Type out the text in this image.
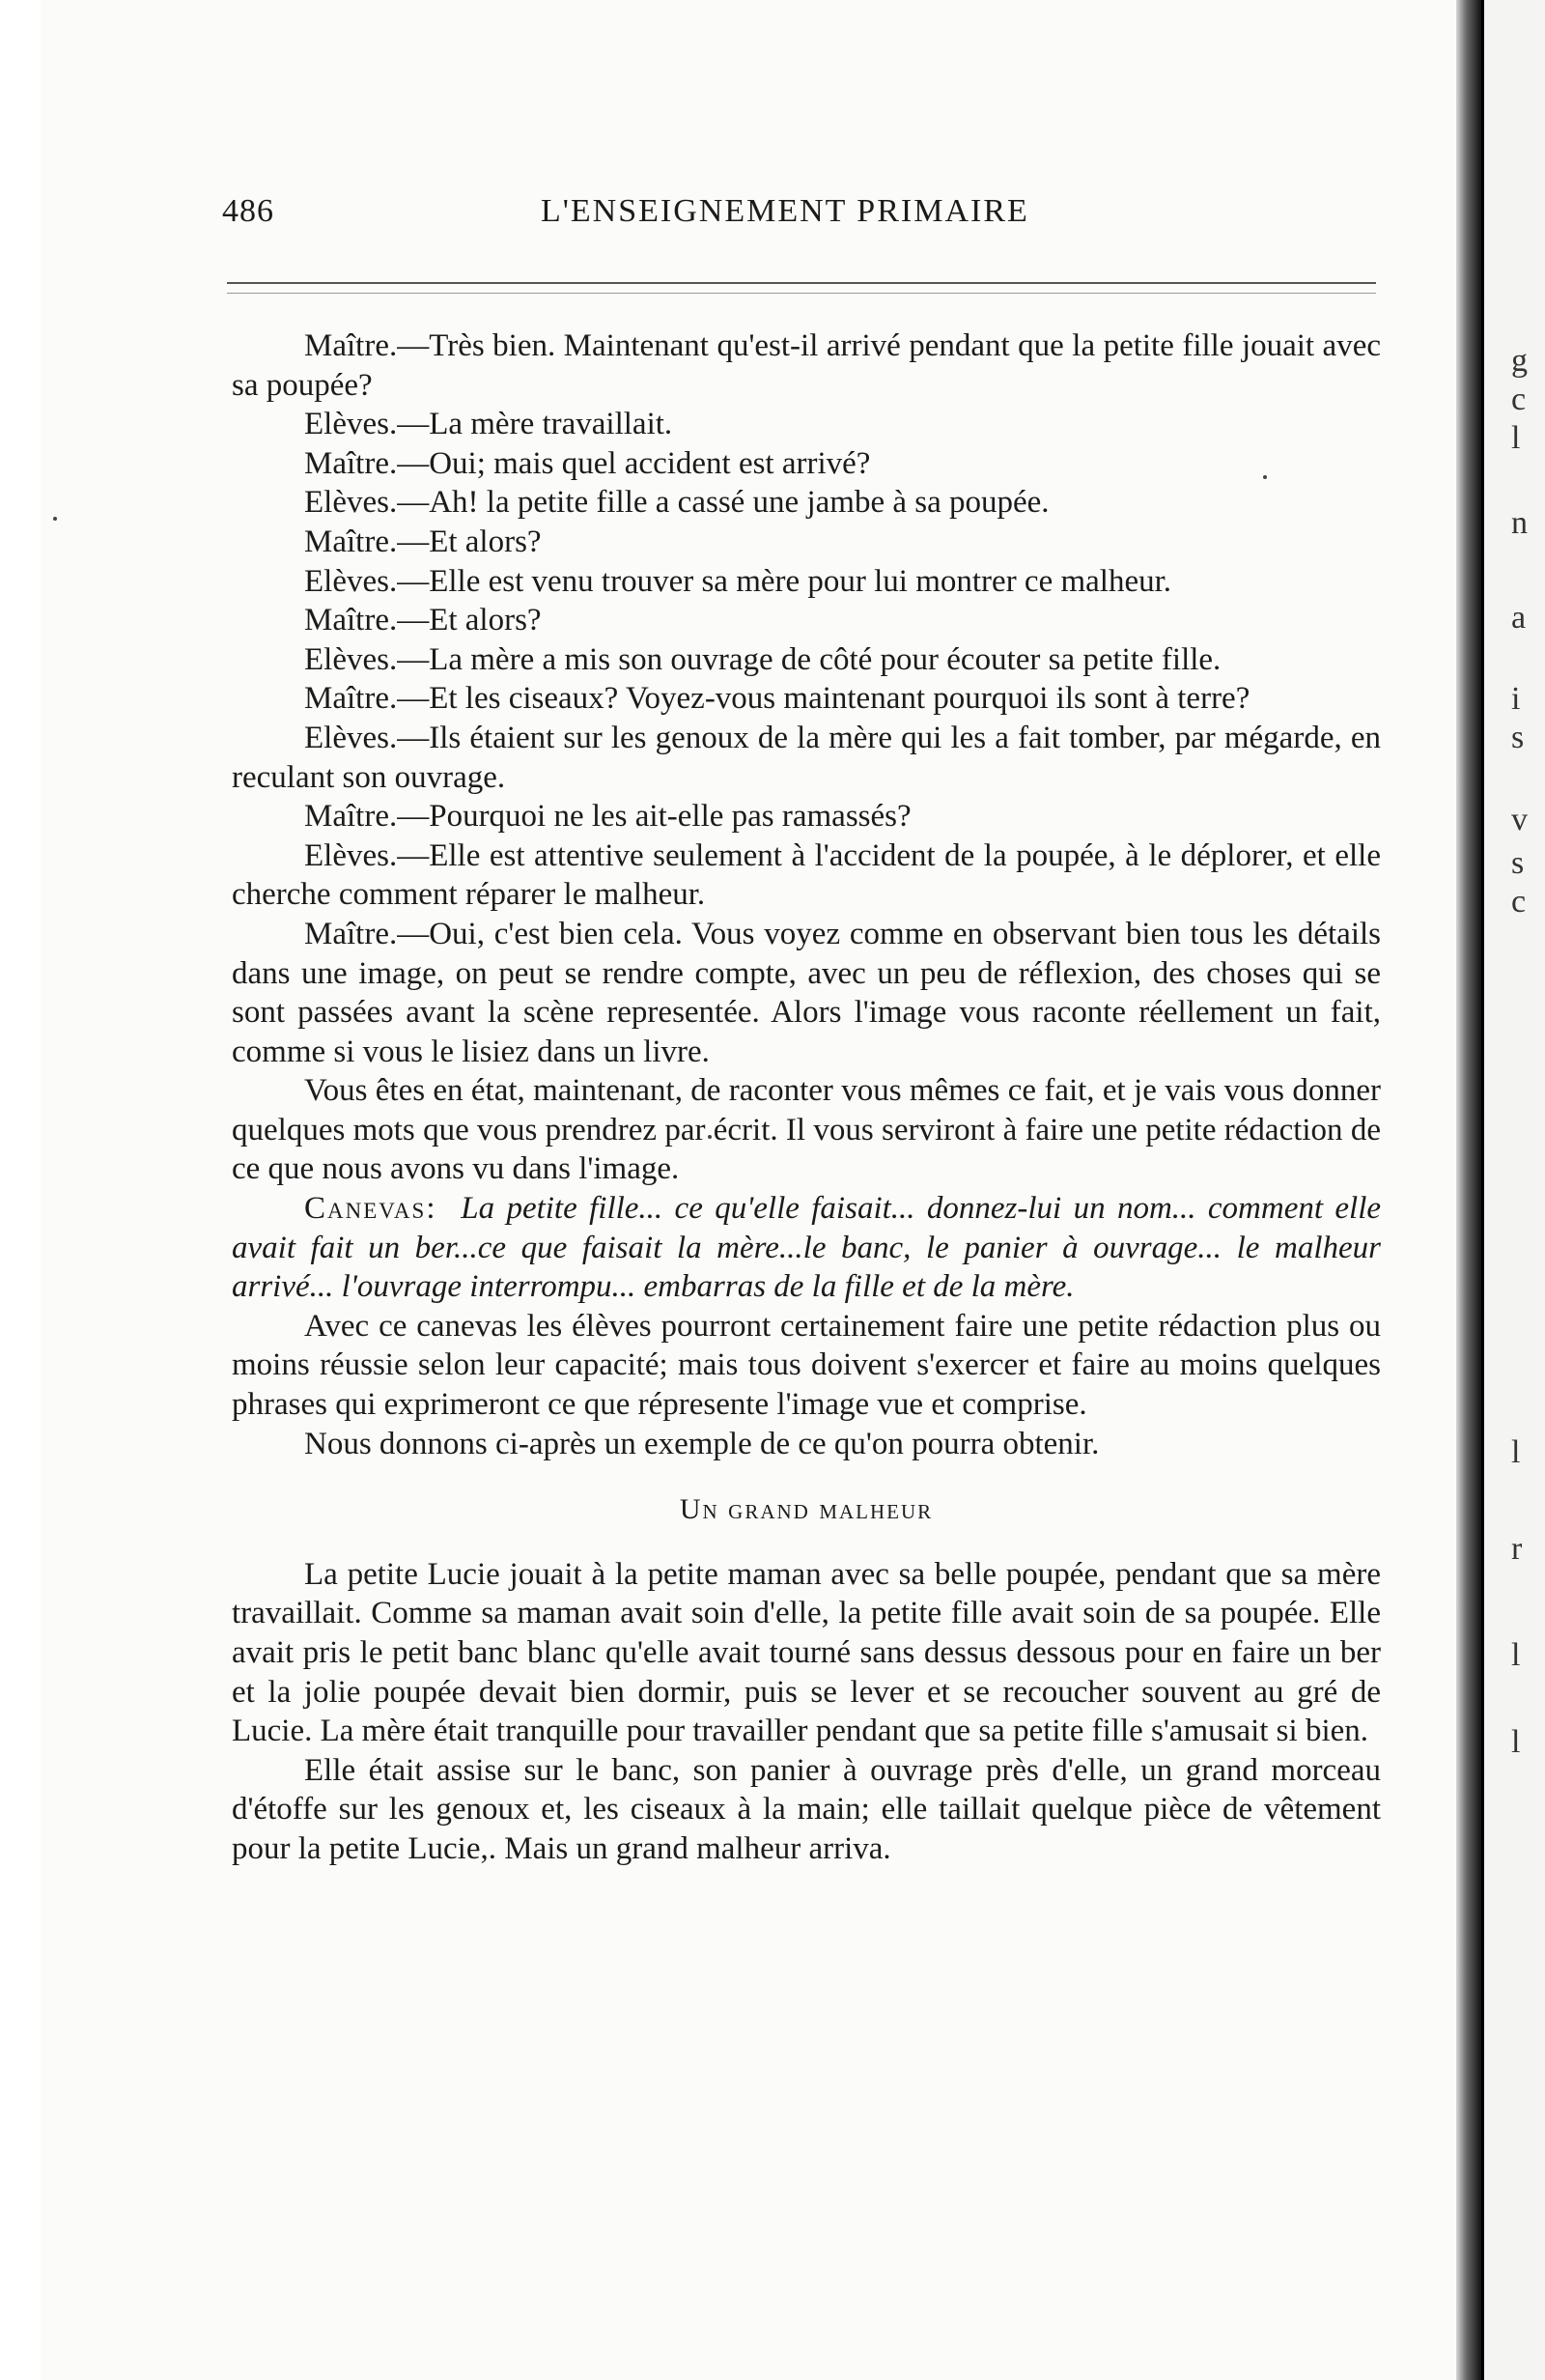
g
c
l
n
a
i
s
v
s
c
l
r
l
l
486	L'ENSEIGNEMENT PRIMAIRE

Maître.—Très bien. Maintenant qu'est-il arrivé pendant que la petite fille jouait avec sa poupée?

Elèves.—La mère travaillait.

Maître.—Oui; mais quel accident est arrivé?

Elèves.—Ah! la petite fille a cassé une jambe à sa poupée.

Maître.—Et alors?

Elèves.—Elle est venu trouver sa mère pour lui montrer ce malheur.

Maître.—Et alors?

Elèves.—La mère a mis son ouvrage de côté pour écouter sa petite fille.

Maître.—Et les ciseaux? Voyez-vous maintenant pourquoi ils sont à terre?

Elèves.—Ils étaient sur les genoux de la mère qui les a fait tomber, par mégarde, en reculant son ouvrage.

Maître.—Pourquoi ne les ait-elle pas ramassés?

Elèves.—Elle est attentive seulement à l'accident de la poupée, à le déplorer, et elle cherche comment réparer le malheur.

Maître.—Oui, c'est bien cela. Vous voyez comme en observant bien tous les détails dans une image, on peut se rendre compte, avec un peu de réflexion, des choses qui se sont passées avant la scène representée. Alors l'image vous raconte réellement un fait, comme si vous le lisiez dans un livre.

Vous êtes en état, maintenant, de raconter vous mêmes ce fait, et je vais vous donner quelques mots que vous prendrez par écrit. Il vous serviront à faire une petite rédaction de ce que nous avons vu dans l'image.

Canevas: La petite fille... ce qu'elle faisait... donnez-lui un nom... comment elle avait fait un ber...ce que faisait la mère...le banc, le panier à ouvrage... le malheur arrivé... l'ouvrage interrompu... embarras de la fille et de la mère.

Avec ce canevas les élèves pourront certainement faire une petite rédaction plus ou moins réussie selon leur capacité; mais tous doivent s'exercer et faire au moins quelques phrases qui exprimeront ce que répresente l'image vue et comprise.

Nous donnons ci-après un exemple de ce qu'on pourra obtenir.

Un grand malheur

La petite Lucie jouait à la petite maman avec sa belle poupée, pendant que sa mère travaillait. Comme sa maman avait soin d'elle, la petite fille avait soin de sa poupée. Elle avait pris le petit banc blanc qu'elle avait tourné sans dessus dessous pour en faire un ber et la jolie poupée devait bien dormir, puis se lever et se recoucher souvent au gré de Lucie. La mère était tranquille pour travailler pendant que sa petite fille s'amusait si bien.

Elle était assise sur le banc, son panier à ouvrage près d'elle, un grand morceau d'étoffe sur les genoux et, les ciseaux à la main; elle taillait quelque pièce de vêtement pour la petite Lucie,. Mais un grand malheur arriva.
